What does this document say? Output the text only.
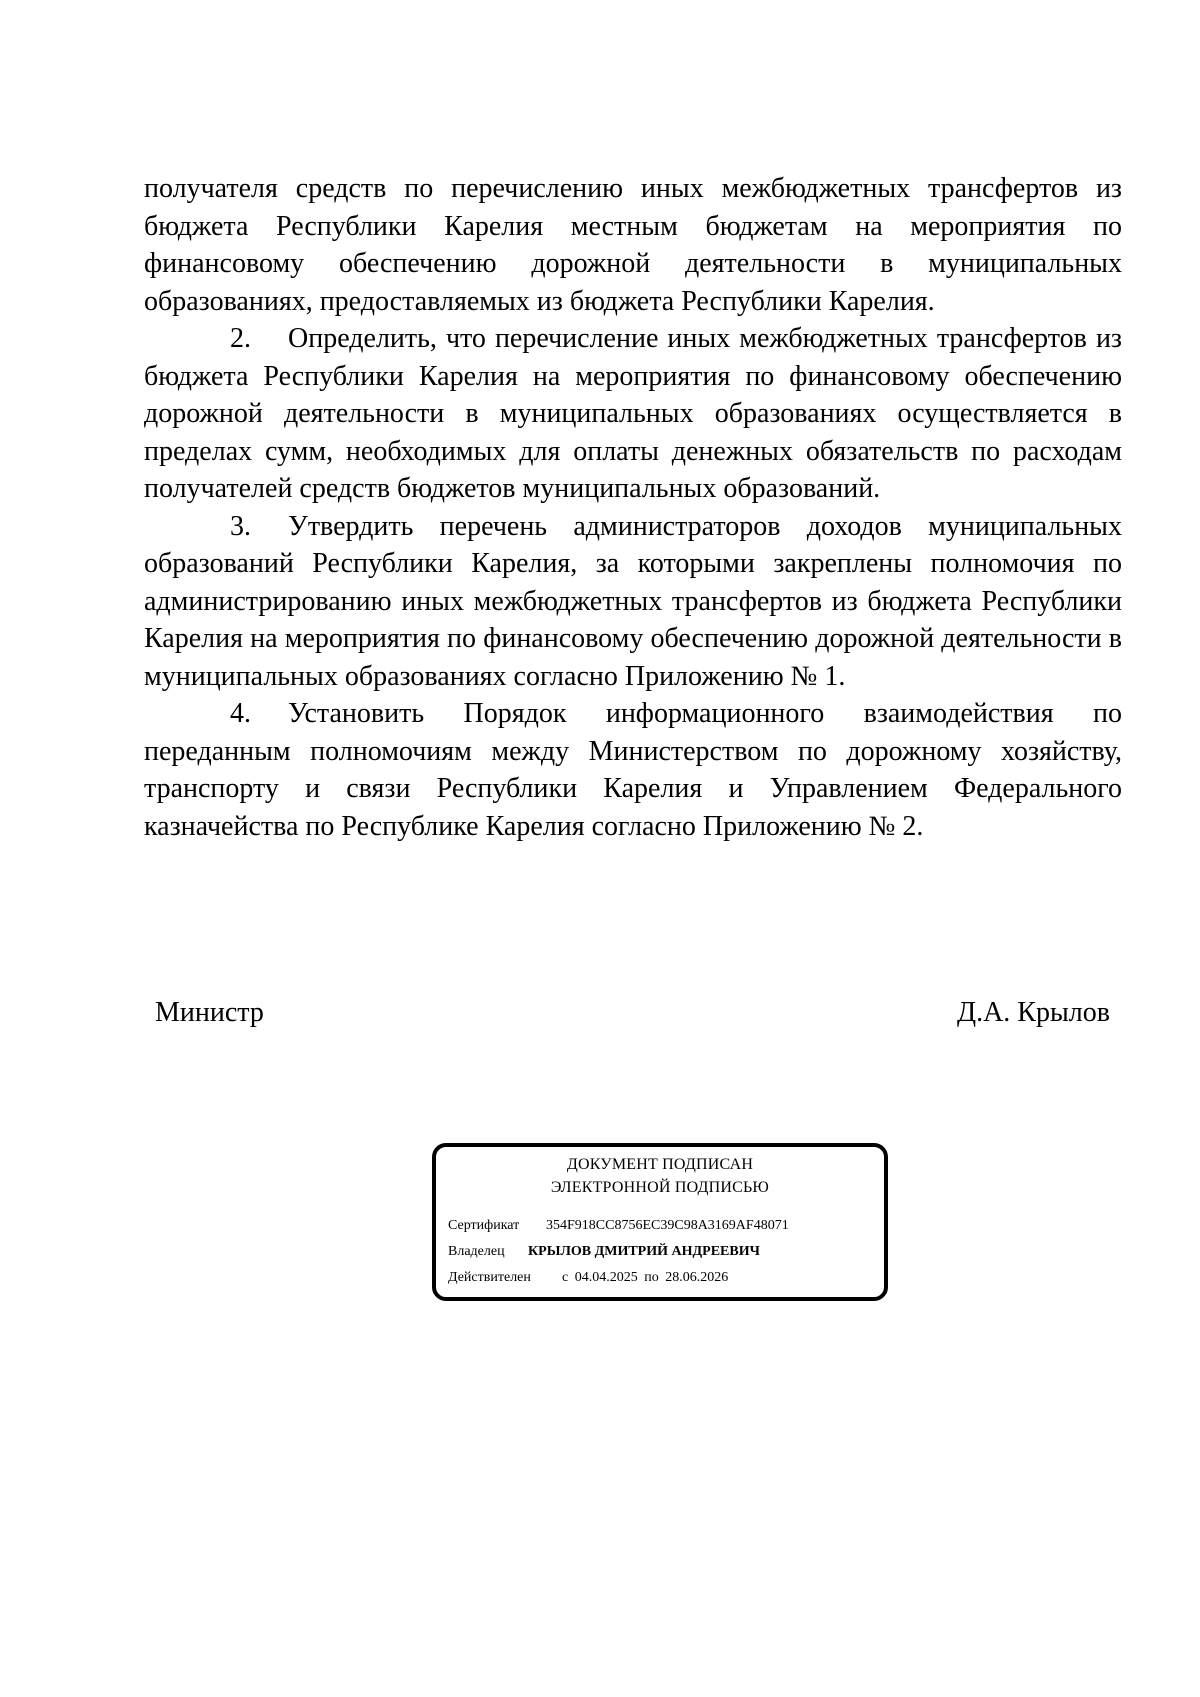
получателя средств по перечислению иных межбюджетных трансфертов из бюджета Республики Карелия местным бюджетам на мероприятия по финансовому обеспечению дорожной деятельности в муниципальных образованиях, предоставляемых из бюджета Республики Карелия.

2. Определить, что перечисление иных межбюджетных трансфертов из бюджета Республики Карелия на мероприятия по финансовому обеспечению дорожной деятельности в муниципальных образованиях осуществляется в пределах сумм, необходимых для оплаты денежных обязательств по расходам получателей средств бюджетов муниципальных образований.

3. Утвердить перечень администраторов доходов муниципальных образований Республики Карелия, за которыми закреплены полномочия по администрированию иных межбюджетных трансфертов из бюджета Республики Карелия на мероприятия по финансовому обеспечению дорожной деятельности в муниципальных образованиях согласно Приложению № 1.

4. Установить Порядок информационного взаимодействия по переданным полномочиям между Министерством по дорожному хозяйству, транспорту и связи Республики Карелия и Управлением Федерального казначейства по Республике Карелия согласно Приложению № 2.

Министр	Д.А. Крылов
ДОКУМЕНТ ПОДПИСАН
ЭЛЕКТРОННОЙ ПОДПИСЬЮ
Сертификат 354F918CC8756EC39C98A3169AF48071
Владелец КРЫЛОВ ДМИТРИЙ АНДРЕЕВИЧ
Действителен с 04.04.2025 по 28.06.2026
